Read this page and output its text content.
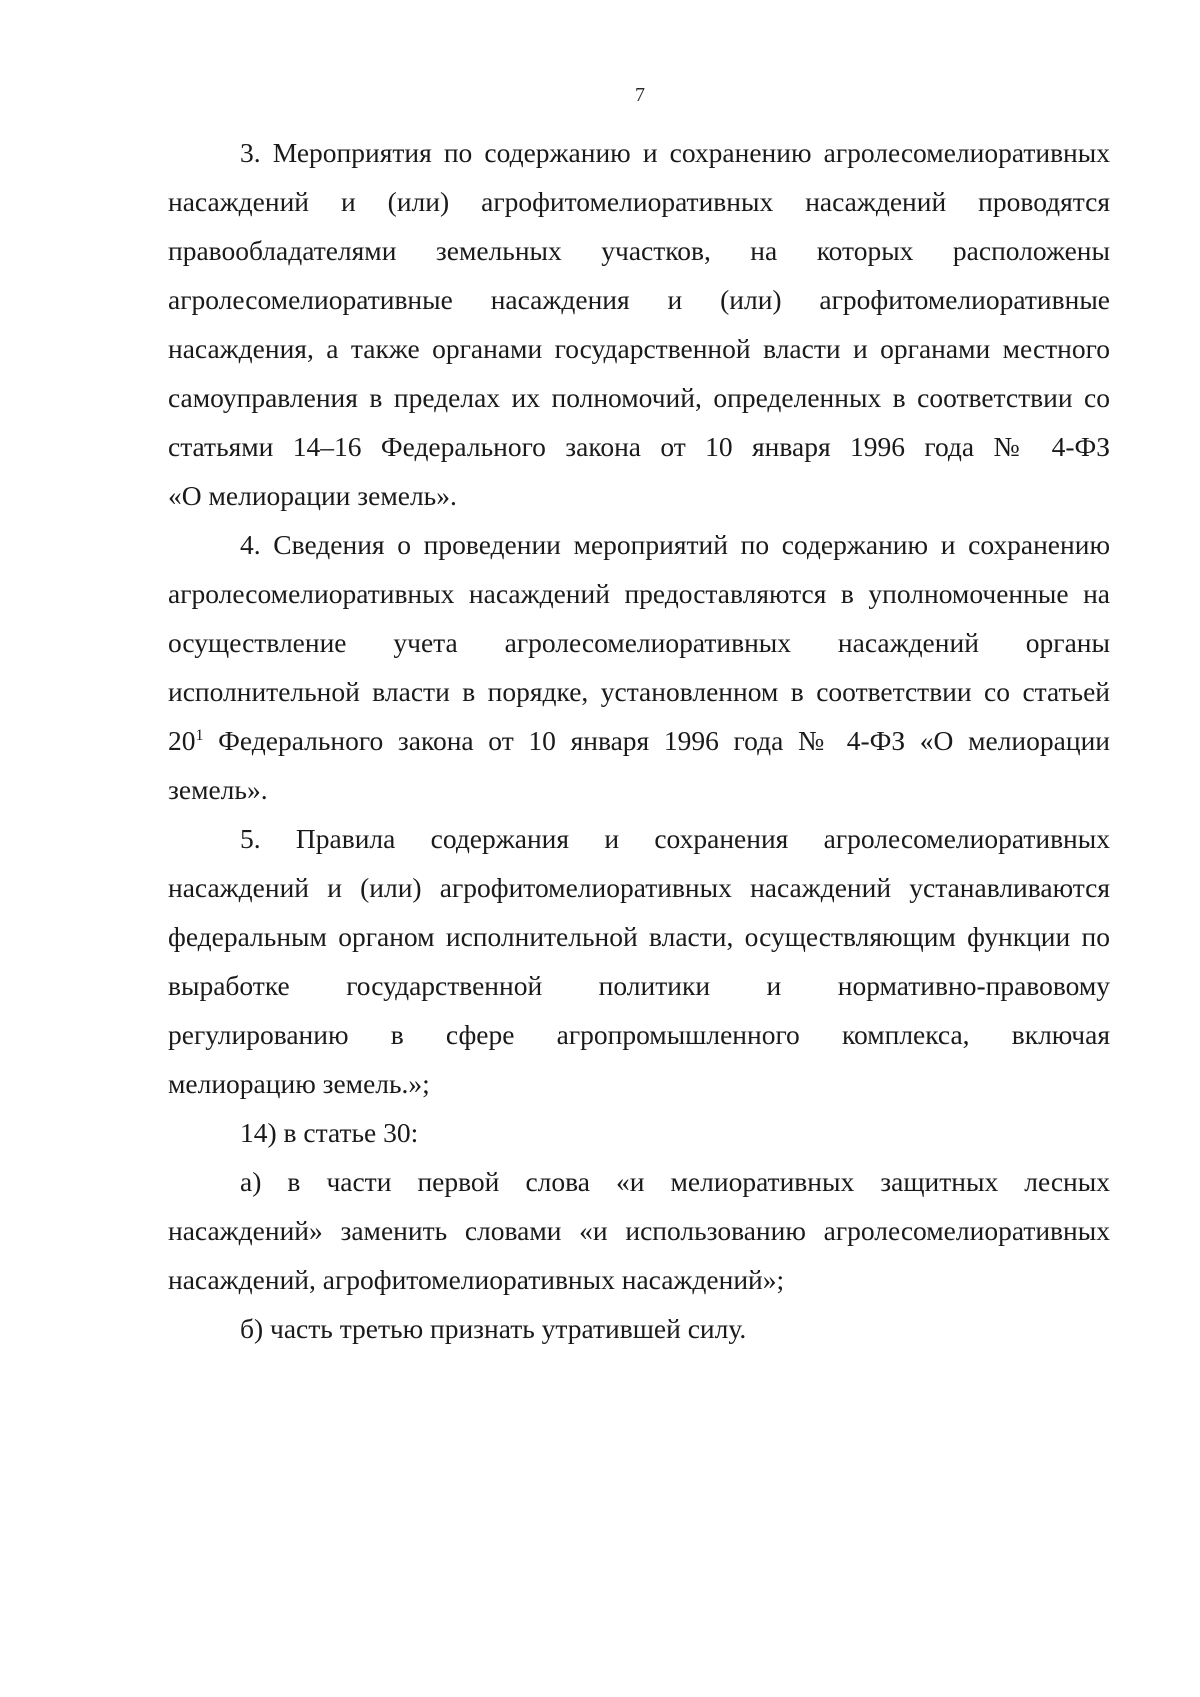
7
3. Мероприятия по содержанию и сохранению агролесомелиоративных
насаждений и (или) агрофитомелиоративных насаждений проводятся
правообладателями земельных участков, на которых расположены
агролесомелиоративные насаждения и (или) агрофитомелиоративные
насаждения, а также органами государственной власти и органами местного
самоуправления в пределах их полномочий, определенных в соответствии со
статьями 14–16 Федерального закона от 10 января 1996 года № 4-ФЗ
«О мелиорации земель».
4. Сведения о проведении мероприятий по содержанию и сохранению
агролесомелиоративных насаждений предоставляются в уполномоченные на
осуществление учета агролесомелиоративных насаждений органы
исполнительной власти в порядке, установленном в соответствии со статьей
$20^1$ Федерального закона от 10 января 1996 года № 4-ФЗ «О мелиорации
земель».
5. Правила содержания и сохранения агролесомелиоративных
насаждений и (или) агрофитомелиоративных насаждений устанавливаются
федеральным органом исполнительной власти, осуществляющим функции по
выработке государственной политики и нормативно-правовому
регулированию в сфере агропромышленного комплекса, включая
мелиорацию земель.»;
14) в статье 30:
а) в части первой слова «и мелиоративных защитных лесных
насаждений» заменить словами «и использованию агролесомелиоративных
насаждений, агрофитомелиоративных насаждений»;
б) часть третью признать утратившей силу.
